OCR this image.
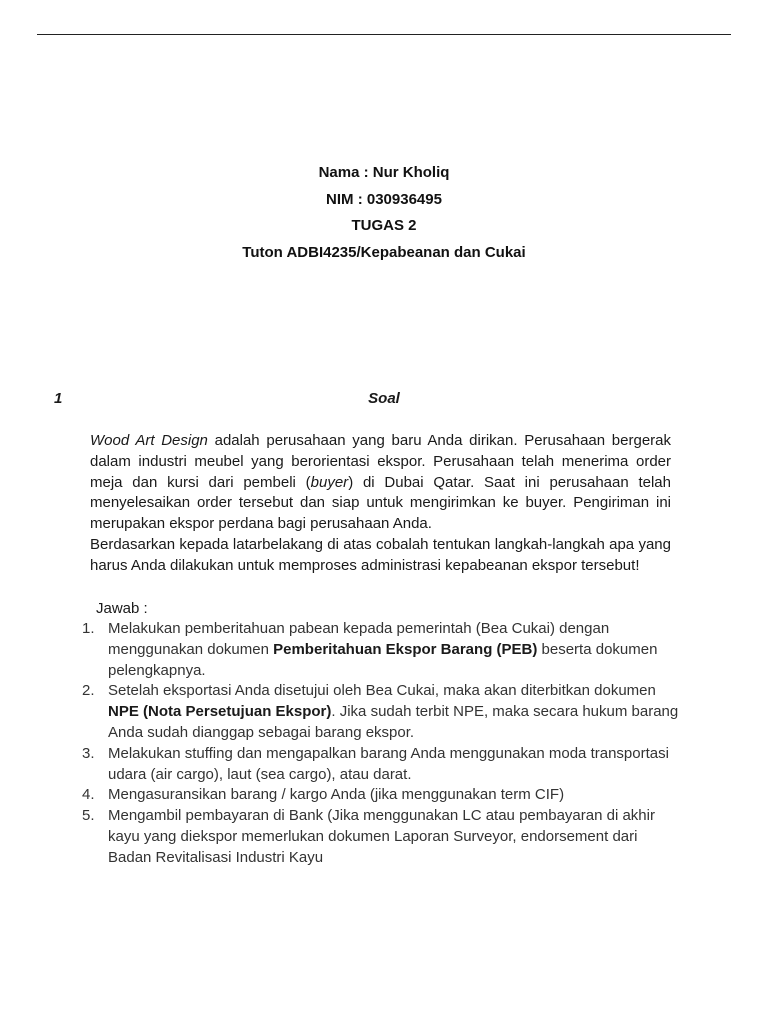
Nama : Nur Kholiq
NIM : 030936495
TUGAS 2
Tuton ADBI4235/Kepabeanan dan Cukai
1	Soal

Wood Art Design adalah perusahaan yang baru Anda dirikan. Perusahaan bergerak dalam industri meubel yang berorientasi ekspor. Perusahaan telah menerima order meja dan kursi dari pembeli (buyer) di Dubai Qatar. Saat ini perusahaan telah menyelesaikan order tersebut dan siap untuk mengirimkan ke buyer. Pengiriman ini merupakan ekspor perdana bagi perusahaan Anda.

Berdasarkan kepada latarbelakang di atas cobalah tentukan langkah-langkah apa yang harus Anda dilakukan untuk memproses administrasi kepabeanan ekspor tersebut!

Jawab :
1. Melakukan pemberitahuan pabean kepada pemerintah (Bea Cukai) dengan menggunakan dokumen Pemberitahuan Ekspor Barang (PEB) beserta dokumen pelengkapnya.
2. Setelah eksportasi Anda disetujui oleh Bea Cukai, maka akan diterbitkan dokumen NPE (Nota Persetujuan Ekspor). Jika sudah terbit NPE, maka secara hukum barang Anda sudah dianggap sebagai barang ekspor.
3. Melakukan stuffing dan mengapalkan barang Anda menggunakan moda transportasi udara (air cargo), laut (sea cargo), atau darat.
4. Mengasuransikan barang / kargo Anda (jika menggunakan term CIF)
5. Mengambil pembayaran di Bank (Jika menggunakan LC atau pembayaran di akhir kayu yang diekspor memerlukan dokumen Laporan Surveyor, endorsement dari Badan Revitalisasi Industri Kayu
